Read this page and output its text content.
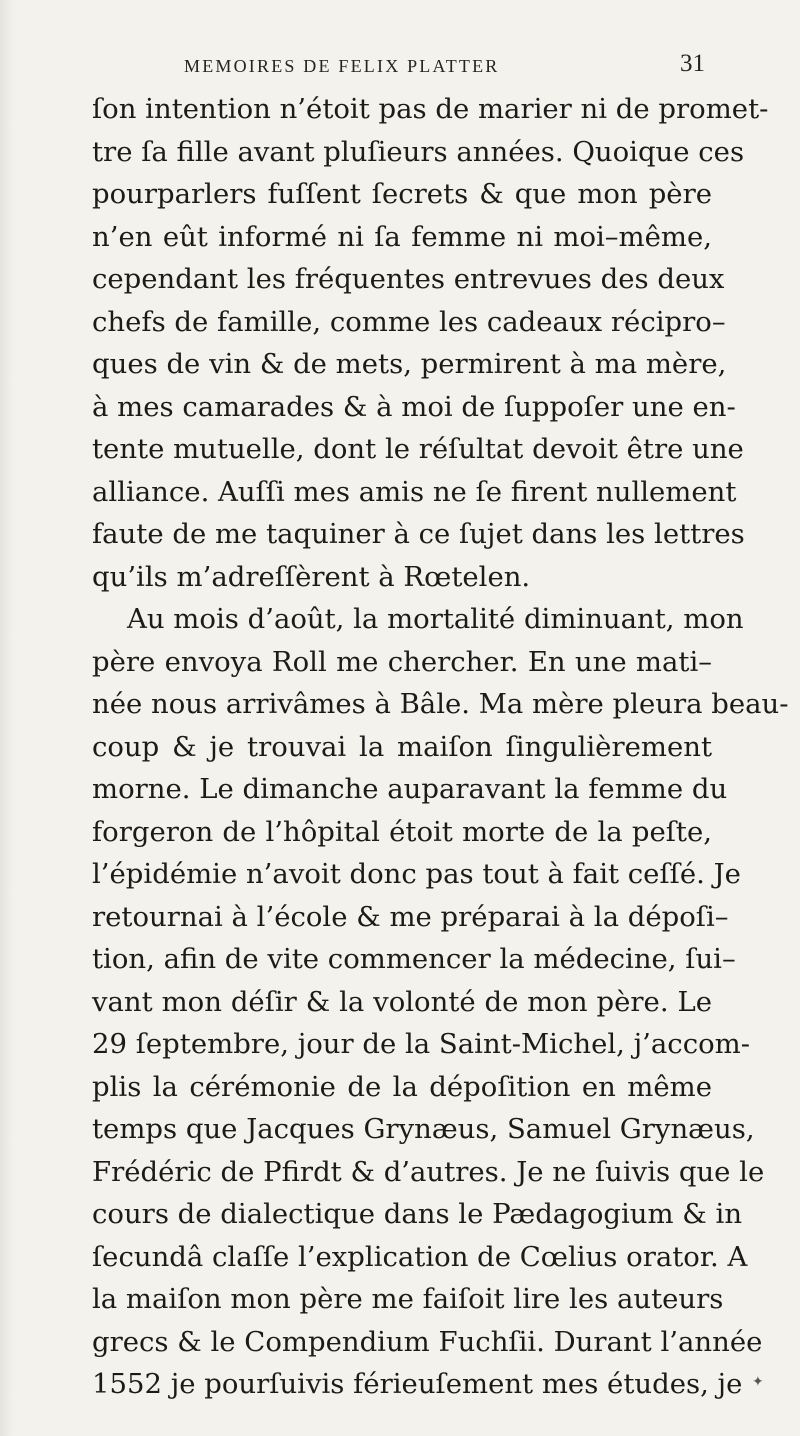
MEMOIRES DE FELIX PLATTER	31
ſon intention n’étoit pas de marier ni de promet-
tre ſa fille avant pluſieurs années. Quoique ces
pourparlers fuſſent ſecrets & que mon père
n’en eût informé ni ſa femme ni moi–même,
cependant les fréquentes entrevues des deux
chefs de famille, comme les cadeaux récipro–
ques de vin & de mets, permirent à ma mère,
à mes camarades & à moi de ſuppoſer une en-
tente mutuelle, dont le réſultat devoit être une
alliance. Auſſi mes amis ne ſe firent nullement
faute de me taquiner à ce ſujet dans les lettres
qu’ils m’adreſſèrent à Rœtelen.
Au mois d’août, la mortalité diminuant, mon
père envoya Roll me chercher. En une mati–
née nous arrivâmes à Bâle. Ma mère pleura beau-
coup & je trouvai la maiſon ſingulièrement
morne. Le dimanche auparavant la femme du
forgeron de l’hôpital étoit morte de la peſte,
l’épidémie n’avoit donc pas tout à fait ceſſé. Je
retournai à l’école & me préparai à la dépoſi–
tion, afin de vite commencer la médecine, ſui–
vant mon déſir & la volonté de mon père. Le
29 ſeptembre, jour de la Saint-Michel, j’accom-
plis la cérémonie de la dépoſition en même
temps que Jacques Grynæus, Samuel Grynæus,
Frédéric de Pfirdt & d’autres. Je ne ſuivis que le
cours de dialectique dans le Pædagogium & in
ſecundâ claſſe l’explication de Cœlius orator. A
la maiſon mon père me faiſoit lire les auteurs
grecs & le Compendium Fuchſii. Durant l’année
1552 je pourſuivis férieuſement mes études, je ✦
